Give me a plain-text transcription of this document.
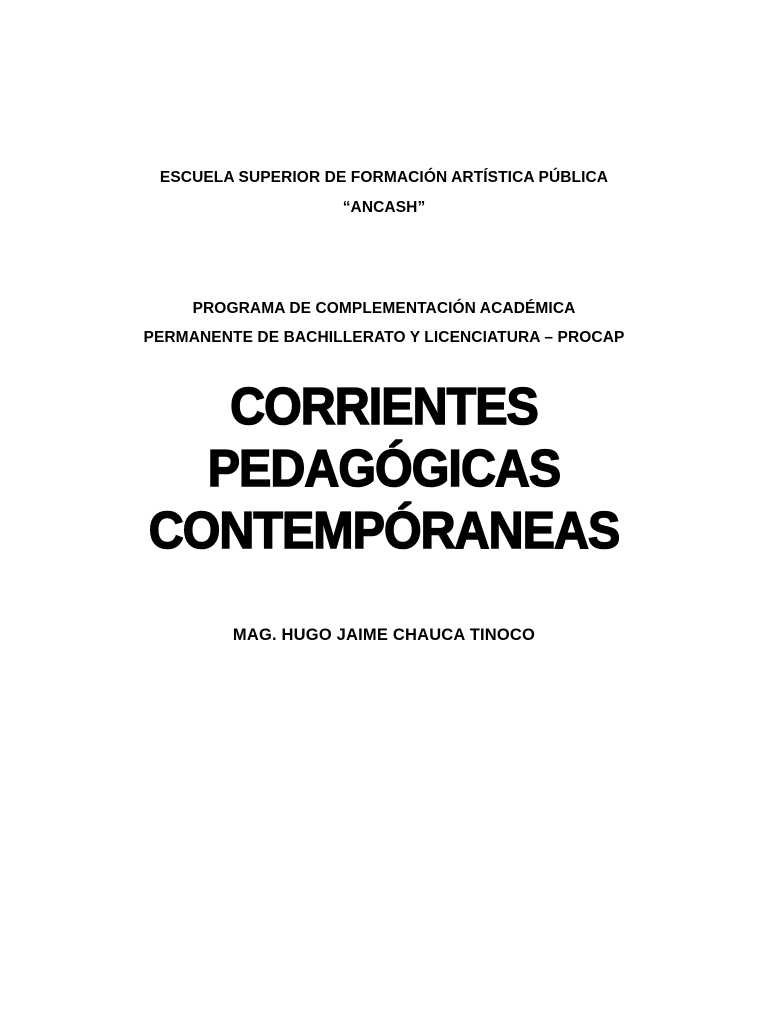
ESCUELA SUPERIOR DE FORMACIÓN ARTÍSTICA PÚBLICA
“ANCASH”
PROGRAMA DE COMPLEMENTACIÓN ACADÉMICA
PERMANENTE DE BACHILLERATO Y LICENCIATURA – PROCAP
CORRIENTES
PEDAGÓGICAS
CONTEMPÓRANEAS
MAG. HUGO JAIME CHAUCA TINOCO
